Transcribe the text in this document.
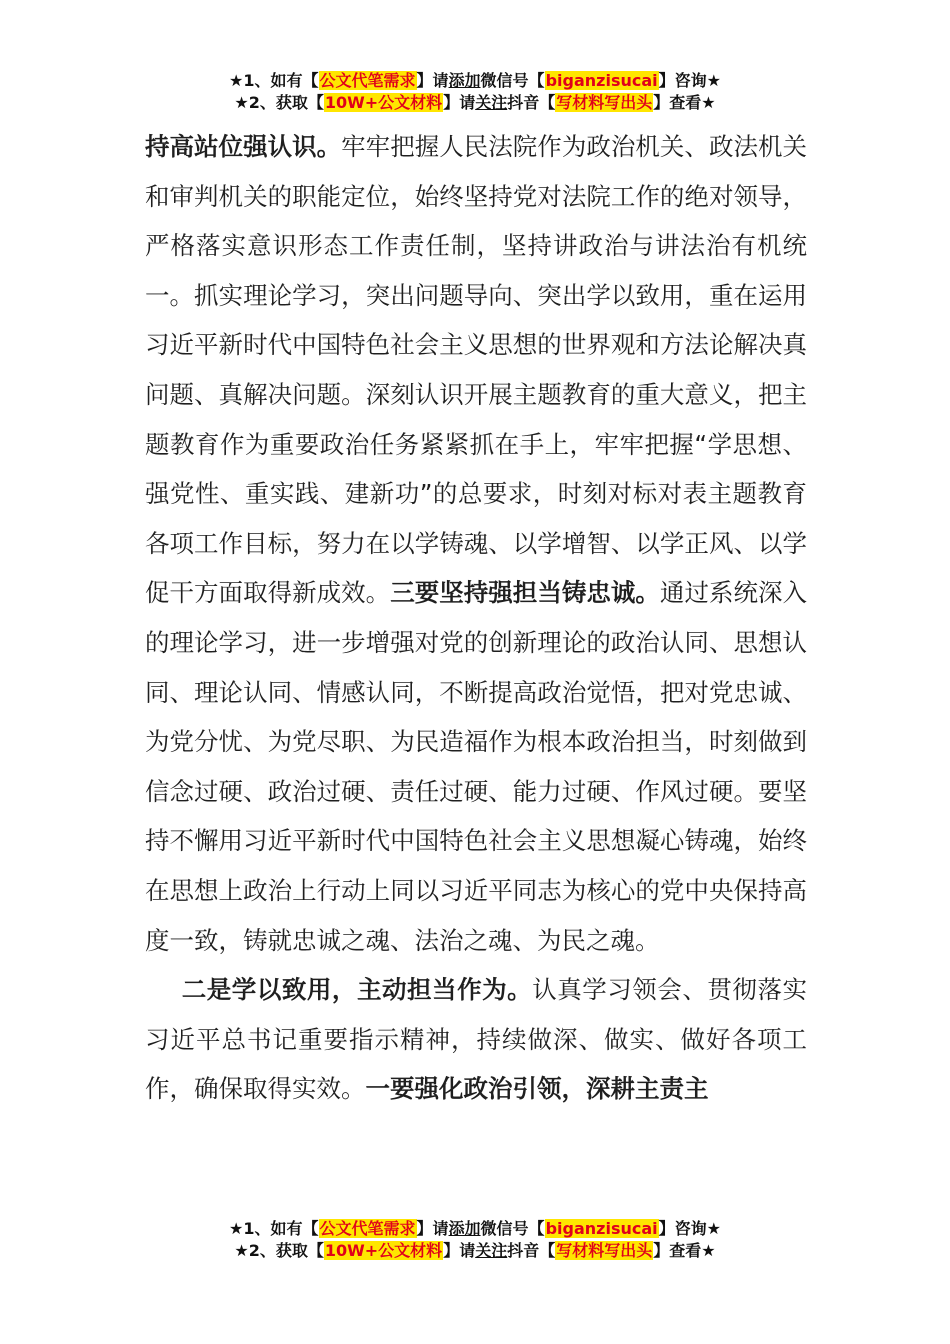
★1、如有【公文代笔需求】请添加微信号【biganzisucai】咨询★
★2、获取【10W+公文材料】请关注抖音【写材料写出头】查看★

持高站位强认识。牢牢把握人民法院作为政治机关、政法机关和审判机关的职能定位，始终坚持党对法院工作的绝对领导，严格落实意识形态工作责任制，坚持讲政治与讲法治有机统一。抓实理论学习，突出问题导向、突出学以致用，重在运用习近平新时代中国特色社会主义思想的世界观和方法论解决真问题、真解决问题。深刻认识开展主题教育的重大意义，把主题教育作为重要政治任务紧紧抓在手上，牢牢把握“学思想、强党性、重实践、建新功”的总要求，时刻对标对表主题教育各项工作目标，努力在以学铸魂、以学增智、以学正风、以学促干方面取得新成效。三要坚持强担当铸忠诚。通过系统深入的理论学习，进一步增强对党的创新理论的政治认同、思想认同、理论认同、情感认同，不断提高政治觉悟，把对党忠诚、为党分忧、为党尽职、为民造福作为根本政治担当，时刻做到信念过硬、政治过硬、责任过硬、能力过硬、作风过硬。要坚持不懈用习近平新时代中国特色社会主义思想凝心铸魂，始终在思想上政治上行动上同以习近平同志为核心的党中央保持高度一致，铸就忠诚之魂、法治之魂、为民之魂。

二是学以致用，主动担当作为。认真学习领会、贯彻落实习近平总书记重要指示精神，持续做深、做实、做好各项工作，确保取得实效。一要强化政治引领，深耕主责主

★1、如有【公文代笔需求】请添加微信号【biganzisucai】咨询★
★2、获取【10W+公文材料】请关注抖音【写材料写出头】查看★
